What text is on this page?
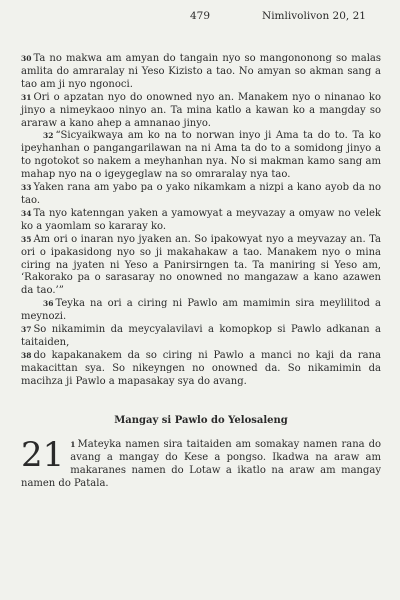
479	Nimlivolivon 20, 21

30 Ta no makwa am amyan do tangain nyo so mangononong so malas amlita do amraralay ni Yeso Kizisto a tao. No amyan so akman sang a tao am ji nyo ngonoci.

31 Ori o apzatan nyo do onowned nyo an. Manakem nyo o ninanao ko jinyo a nimeykaoo ninyo an. Ta mina katlo a kawan ko a mangday so araraw a kano ahep a amnanao jinyo.

32 “Sicyaikwaya am ko na to norwan inyo ji Ama ta do to. Ta ko ipeyhanhan o pangangarilawan na ni Ama ta do to a somidong jinyo a to ngotokot so nakem a meyhanhan nya. No si makman kamo sang am mahap nyo na o igeygeglaw na so omraralay nya tao.

33 Yaken rana am yabo pa o yako nikamkam a nizpi a kano ayob da no tao.

34 Ta nyo katenngan yaken a yamowyat a meyvazay a omyaw no velek ko a yaomlam so kararay ko.

35 Am ori o inaran nyo jyaken an. So ipakowyat nyo a meyvazay an. Ta ori o ipakasidong nyo so ji makahakaw a tao. Manakem nyo o mina ciring na jyaten ni Yeso a Panirsirngen ta. Ta maniring si Yeso am, ‘Rakorako pa o sarasaray no onowned no mangazaw a kano azawen da tao.’”

36 Teyka na ori a ciring ni Pawlo am mamimin sira meylilitod a meynozi.

37 So nikamimin da meycyalavilavi a komopkop si Pawlo adkanan a taitaiden,

38 do kapakanakem da so ciring ni Pawlo a manci no kaji da rana makacittan sya. So nikeyngen no onowned da. So nikamimin da macihza ji Pawlo a mapasakay sya do avang.

Mangay si Pawlo do Yelosaleng
21 1 Mateyka namen sira taitaiden am somakay namen rana do avang a mangay do Kese a pongso. Ikadwa na araw am makaranes namen do Lotaw a ikatlo na araw am mangay namen do Patala.
